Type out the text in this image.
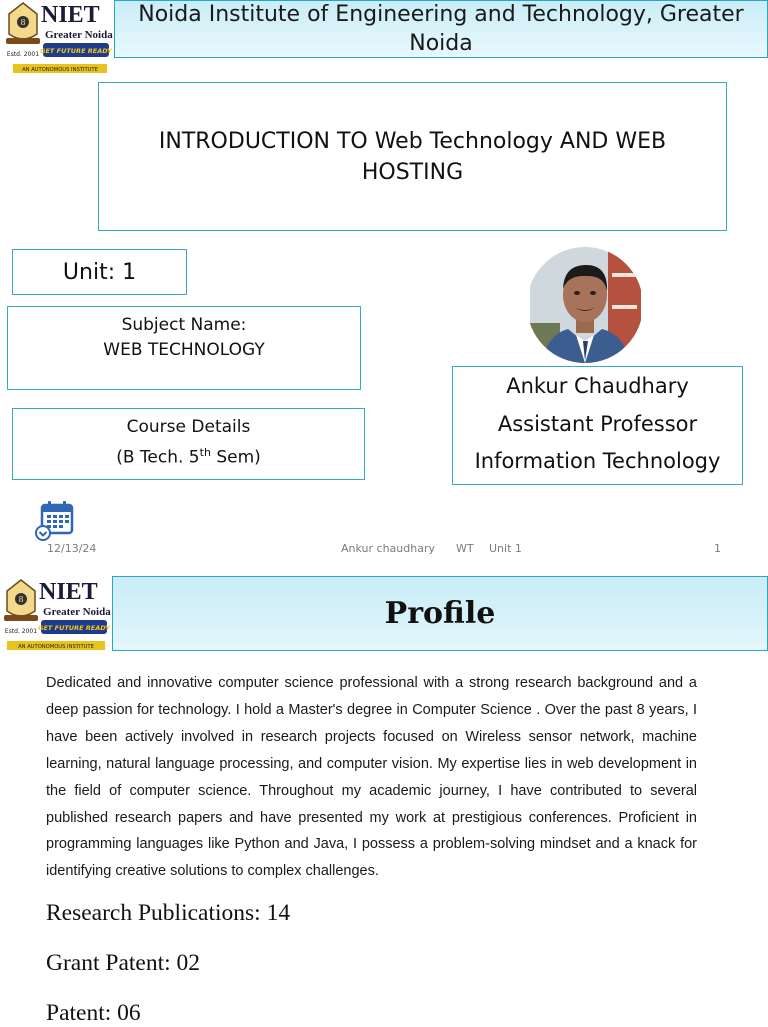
8
Estd. 2001
NIET
Greater Noida
GET FUTURE READY
AN AUTONOMOUS INSTITUTE
Noida Institute of Engineering and Technology, Greater Noida
INTRODUCTION TO Web Technology AND WEB HOSTING
Unit: 1
Subject Name:
WEB TECHNOLOGY
Course Details
(B Tech. 5th Sem)
Ankur Chaudhary
Assistant Professor
Information Technology
12/13/24	Ankur chaudhary WT Unit 1	1
8
Estd. 2001
NIET
Greater Noida
GET FUTURE READY
AN AUTONOMOUS INSTITUTE
Profile
Dedicated and innovative computer science professional with a strong research background and a deep passion for technology. I hold a Master's degree in Computer Science . Over the past 8 years, I have been actively involved in research projects focused on Wireless sensor network, machine learning, natural language processing, and computer vision. My expertise lies in web development in the field of computer science. Throughout my academic journey, I have contributed to several published research papers and have presented my work at prestigious conferences. Proficient in programming languages like Python and Java, I possess a problem-solving mindset and a knack for identifying creative solutions to complex challenges.
Research Publications: 14
Grant Patent: 02
Patent: 06
